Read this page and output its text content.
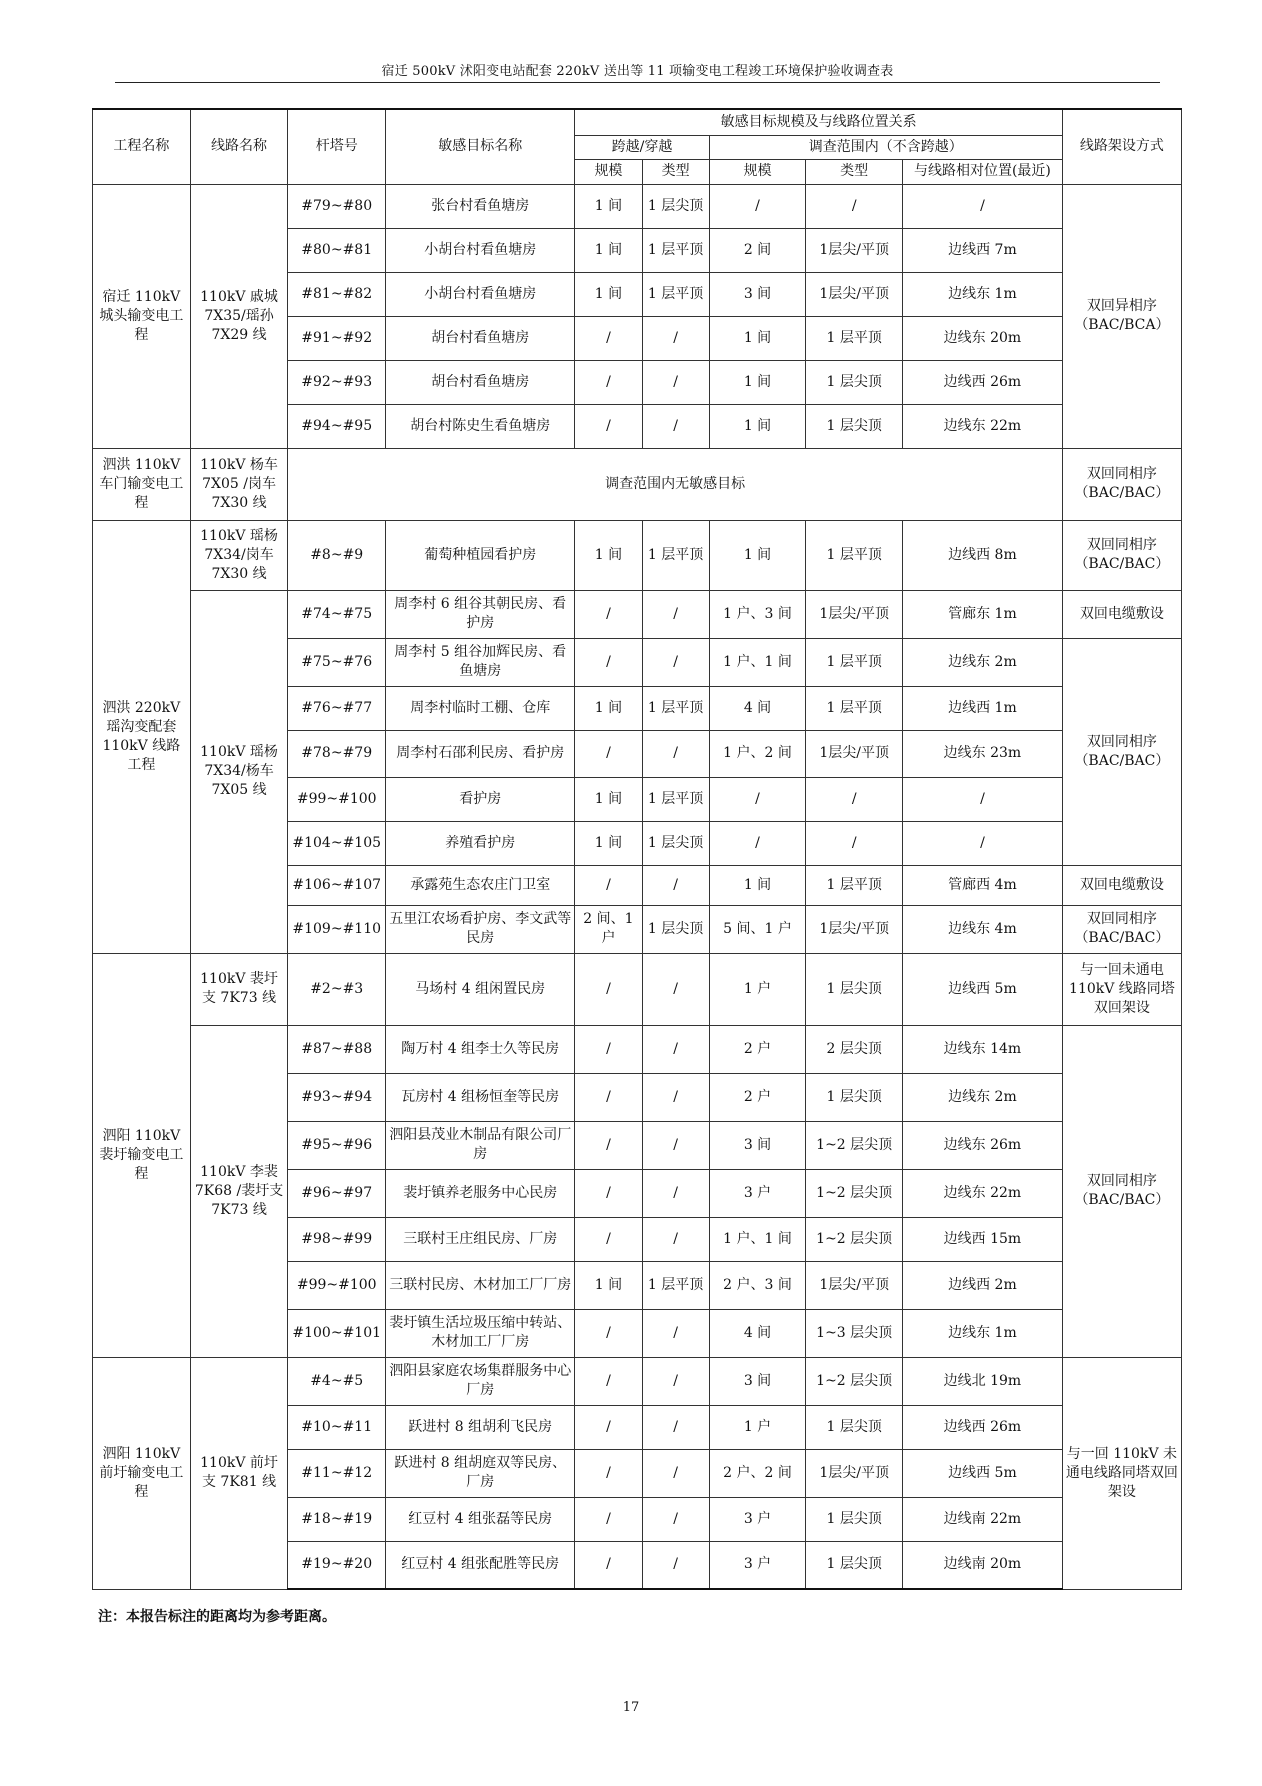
宿迁 500kV 沭阳变电站配套 220kV 送出等 11 项输变电工程竣工环境保护验收调查表
工程名称	线路名称	杆塔号	敏感目标名称	敏感目标规模及与线路位置关系					线路架设方式
				跨越/穿越		调查范围内（不含跨越）			
				规模	类型	规模	类型	与线路相对位置(最近)	
宿迁 110kV 城头输变电工程	110kV 戚城 7X35/瑶孙 7X29 线	#79~#80	张台村看鱼塘房	1 间	1 层尖顶	/	/	/	双回异相序（BAC/BCA）
		#80~#81	小胡台村看鱼塘房	1 间	1 层平顶	2 间	1层尖/平顶	边线西 7m	
		#81~#82	小胡台村看鱼塘房	1 间	1 层平顶	3 间	1层尖/平顶	边线东 1m	
		#91~#92	胡台村看鱼塘房	/	/	1 间	1 层平顶	边线东 20m	
		#92~#93	胡台村看鱼塘房	/	/	1 间	1 层尖顶	边线西 26m	
		#94~#95	胡台村陈史生看鱼塘房	/	/	1 间	1 层尖顶	边线东 22m	
泗洪 110kV 车门输变电工程	110kV 杨车 7X05 /岗车 7X30 线	调查范围内无敏感目标							双回同相序（BAC/BAC）
泗洪 220kV 瑶沟变配套 110kV 线路工程	110kV 瑶杨 7X34/岗车 7X30 线	#8~#9	葡萄种植园看护房	1 间	1 层平顶	1 间	1 层平顶	边线西 8m	双回同相序（BAC/BAC）
	110kV 瑶杨 7X34/杨车 7X05 线	#74~#75	周李村 6 组谷其朝民房、看护房	/	/	1 户、3 间	1层尖/平顶	管廊东 1m	双回电缆敷设
		#75~#76	周李村 5 组谷加辉民房、看鱼塘房	/	/	1 户、1 间	1 层平顶	边线东 2m	双回同相序（BAC/BAC）
		#76~#77	周李村临时工棚、仓库	1 间	1 层平顶	4 间	1 层平顶	边线西 1m	
		#78~#79	周李村石邵利民房、看护房	/	/	1 户、2 间	1层尖/平顶	边线东 23m	
		#99~#100	看护房	1 间	1 层平顶	/	/	/	
		#104~#105	养殖看护房	1 间	1 层尖顶	/	/	/	
		#106~#107	承露苑生态农庄门卫室	/	/	1 间	1 层平顶	管廊西 4m	双回电缆敷设
		#109~#110	五里江农场看护房、李文武等民房	2 间、1 户	1 层尖顶	5 间、1 户	1层尖/平顶	边线东 4m	双回同相序（BAC/BAC）
泗阳 110kV 裴圩输变电工程	110kV 裴圩支 7K73 线	#2~#3	马场村 4 组闲置民房	/	/	1 户	1 层尖顶	边线西 5m	与一回未通电 110kV 线路同塔双回架设
	110kV 李裴 7K68 /裴圩支 7K73 线	#87~#88	陶万村 4 组李士久等民房	/	/	2 户	2 层尖顶	边线东 14m	双回同相序（BAC/BAC）
		#93~#94	瓦房村 4 组杨恒奎等民房	/	/	2 户	1 层尖顶	边线东 2m	
		#95~#96	泗阳县茂业木制品有限公司厂房	/	/	3 间	1~2 层尖顶	边线东 26m	
		#96~#97	裴圩镇养老服务中心民房	/	/	3 户	1~2 层尖顶	边线东 22m	
		#98~#99	三联村王庄组民房、厂房	/	/	1 户、1 间	1~2 层尖顶	边线西 15m	
		#99~#100	三联村民房、木材加工厂厂房	1 间	1 层平顶	2 户、3 间	1层尖/平顶	边线西 2m	
		#100~#101	裴圩镇生活垃圾压缩中转站、木材加工厂厂房	/	/	4 间	1~3 层尖顶	边线东 1m	
泗阳 110kV 前圩输变电工程	110kV 前圩支 7K81 线	#4~#5	泗阳县家庭农场集群服务中心厂房	/	/	3 间	1~2 层尖顶	边线北 19m	与一回 110kV 未通电线路同塔双回架设
		#10~#11	跃进村 8 组胡利飞民房	/	/	1 户	1 层尖顶	边线西 26m	
		#11~#12	跃进村 8 组胡庭双等民房、厂房	/	/	2 户、2 间	1层尖/平顶	边线西 5m	
		#18~#19	红豆村 4 组张磊等民房	/	/	3 户	1 层尖顶	边线南 22m	
		#19~#20	红豆村 4 组张配胜等民房	/	/	3 户	1 层尖顶	边线南 20m	
注：本报告标注的距离均为参考距离。
17
